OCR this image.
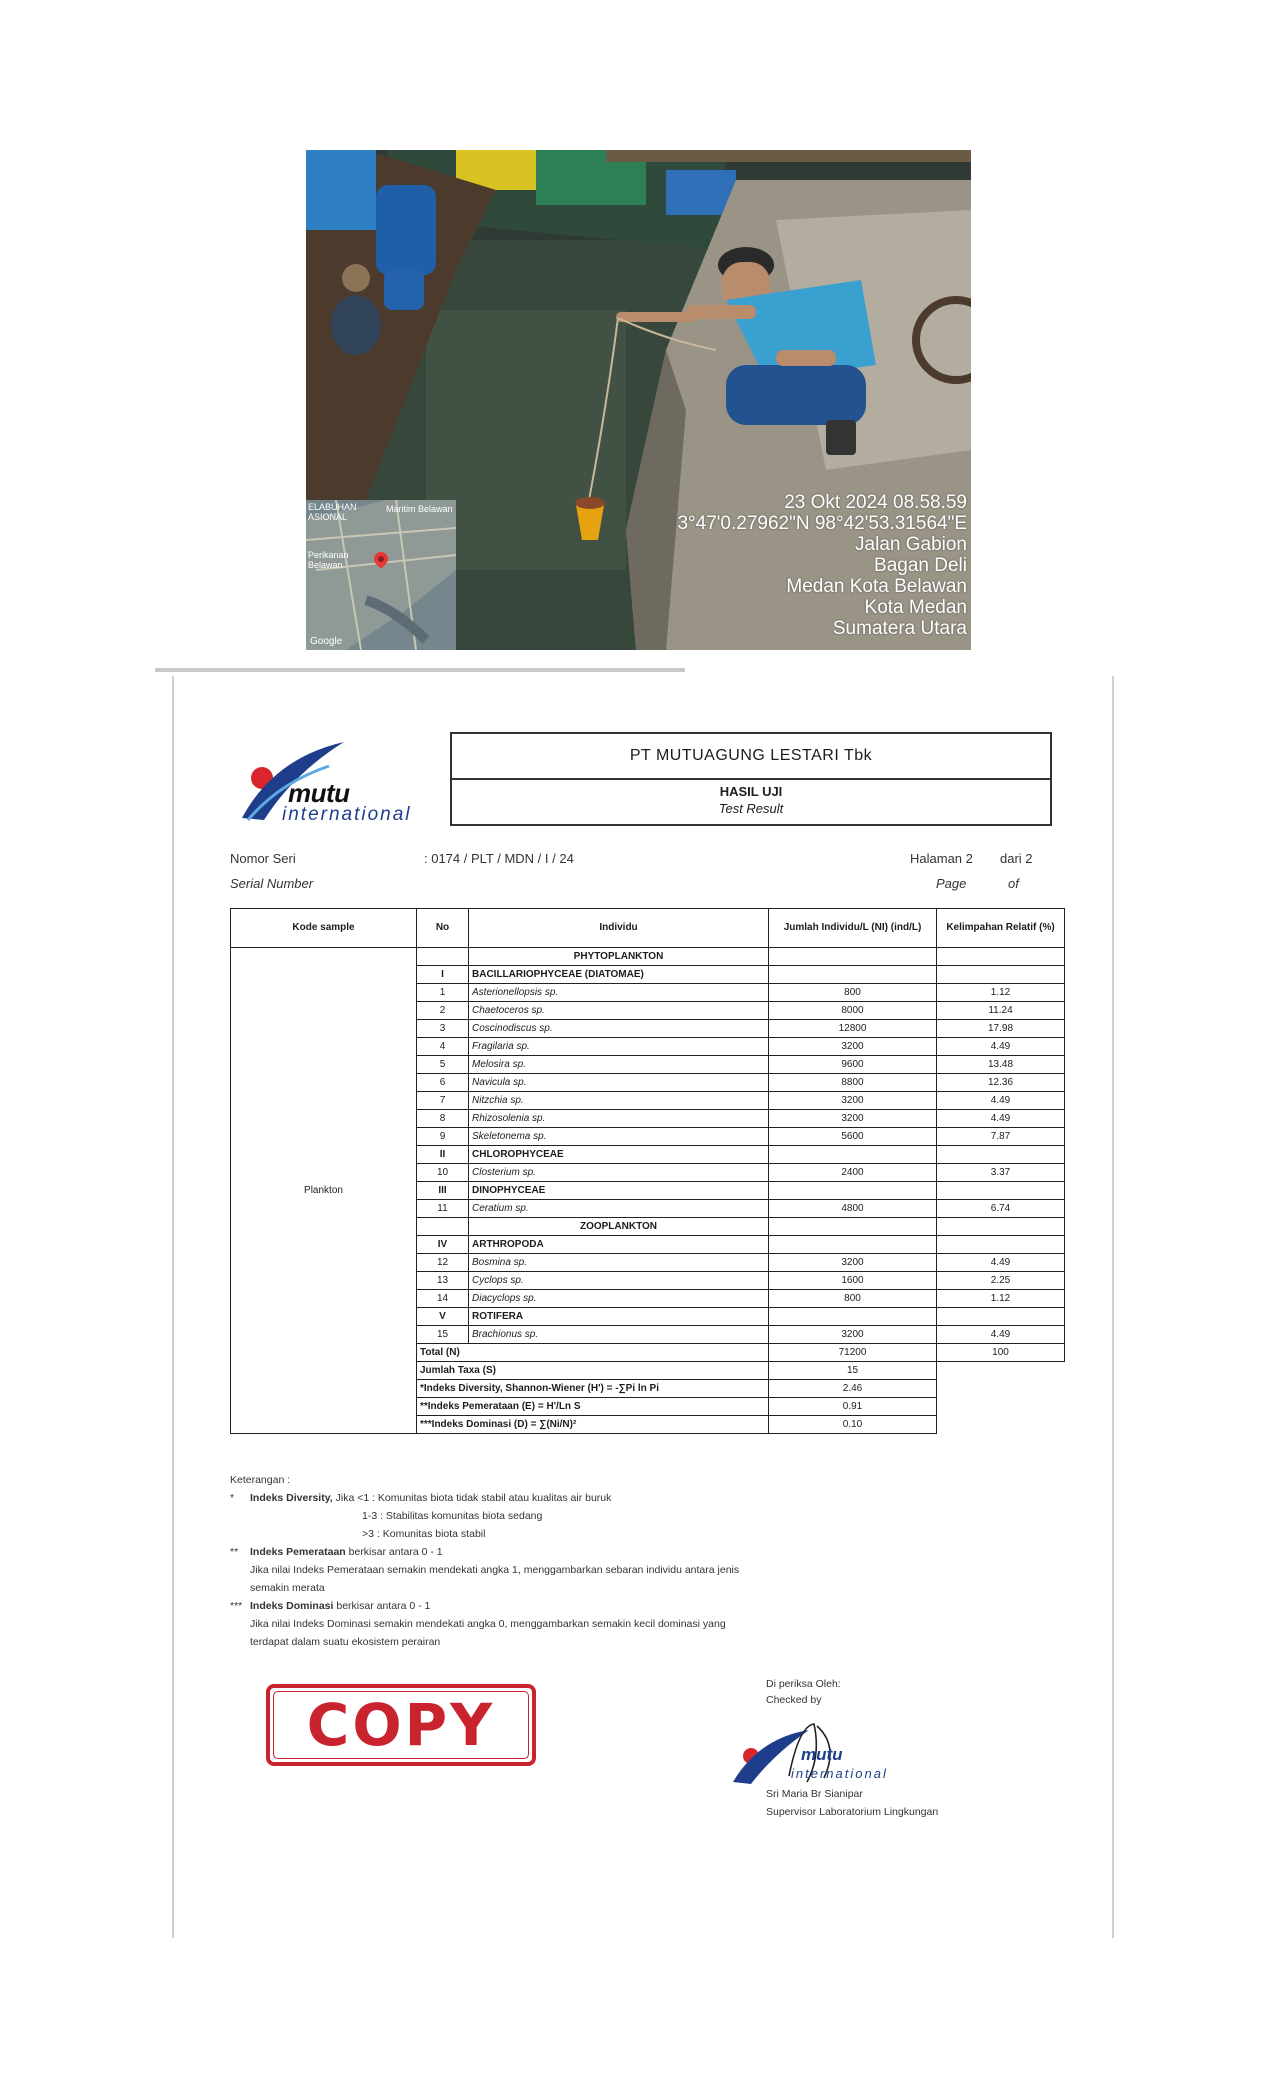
ELABUHAN
ASIONAL
Maritim Belawan
Perikanan
Belawan
Google
23 Okt 2024 08.58.59
3°47'0.27962"N 98°42'53.31564"E
Jalan Gabion
Bagan Deli
Medan Kota Belawan
Kota Medan
Sumatera Utara
mutu
international
PT MUTUAGUNG LESTARI Tbk
HASIL UJI
Test Result
Nomor Seri
Serial Number
: 0174 / PLT / MDN / I / 24	Halaman 2 dari 2
Page	of
Kode sample	No	Individu	Jumlah Individu/L (NI) (ind/L)	Kelimpahan Relatif (%)
Plankton		PHYTOPLANKTON		
	I	BACILLARIOPHYCEAE (DIATOMAE)		
	1	Asterionellopsis sp.	800	1.12
	2	Chaetoceros sp.	8000	11.24
	3	Coscinodiscus sp.	12800	17.98
	4	Fragilaria sp.	3200	4.49
	5	Melosira sp.	9600	13.48
	6	Navicula sp.	8800	12.36
	7	Nitzchia sp.	3200	4.49
	8	Rhizosolenia sp.	3200	4.49
	9	Skeletonema sp.	5600	7.87
	II	CHLOROPHYCEAE		
	10	Closterium sp.	2400	3.37
	III	DINOPHYCEAE		
	11	Ceratium sp.	4800	6.74
		ZOOPLANKTON		
	IV	ARTHROPODA		
	12	Bosmina sp.	3200	4.49
	13	Cyclops sp.	1600	2.25
	14	Diacyclops sp.	800	1.12
	V	ROTIFERA		
	15	Brachionus sp.	3200	4.49
	Total (N)		71200	100
	Jumlah Taxa (S)		15	
	*Indeks Diversity, Shannon-Wiener (H') = -∑Pi ln Pi		2.46	
	**Indeks Pemerataan (E) = H'/Ln S		0.91	
	***Indeks Dominasi (D) = ∑(Ni/N)²		0.10	
Keterangan :
* Indeks Diversity, Jika <1 : Komunitas biota tidak stabil atau kualitas air buruk
1-3 : Stabilitas komunitas biota sedang
>3 : Komunitas biota stabil
** Indeks Pemerataan berkisar antara 0 - 1
Jika nilai Indeks Pemerataan semakin mendekati angka 1, menggambarkan sebaran individu antara jenis
semakin merata
*** Indeks Dominasi berkisar antara 0 - 1
Jika nilai Indeks Dominasi semakin mendekati angka 0, menggambarkan semakin kecil dominasi yang
terdapat dalam suatu ekosistem perairan
COPY
Di periksa Oleh:
Checked by
mutu
international
Sri Maria Br Sianipar
Supervisor Laboratorium Lingkungan
